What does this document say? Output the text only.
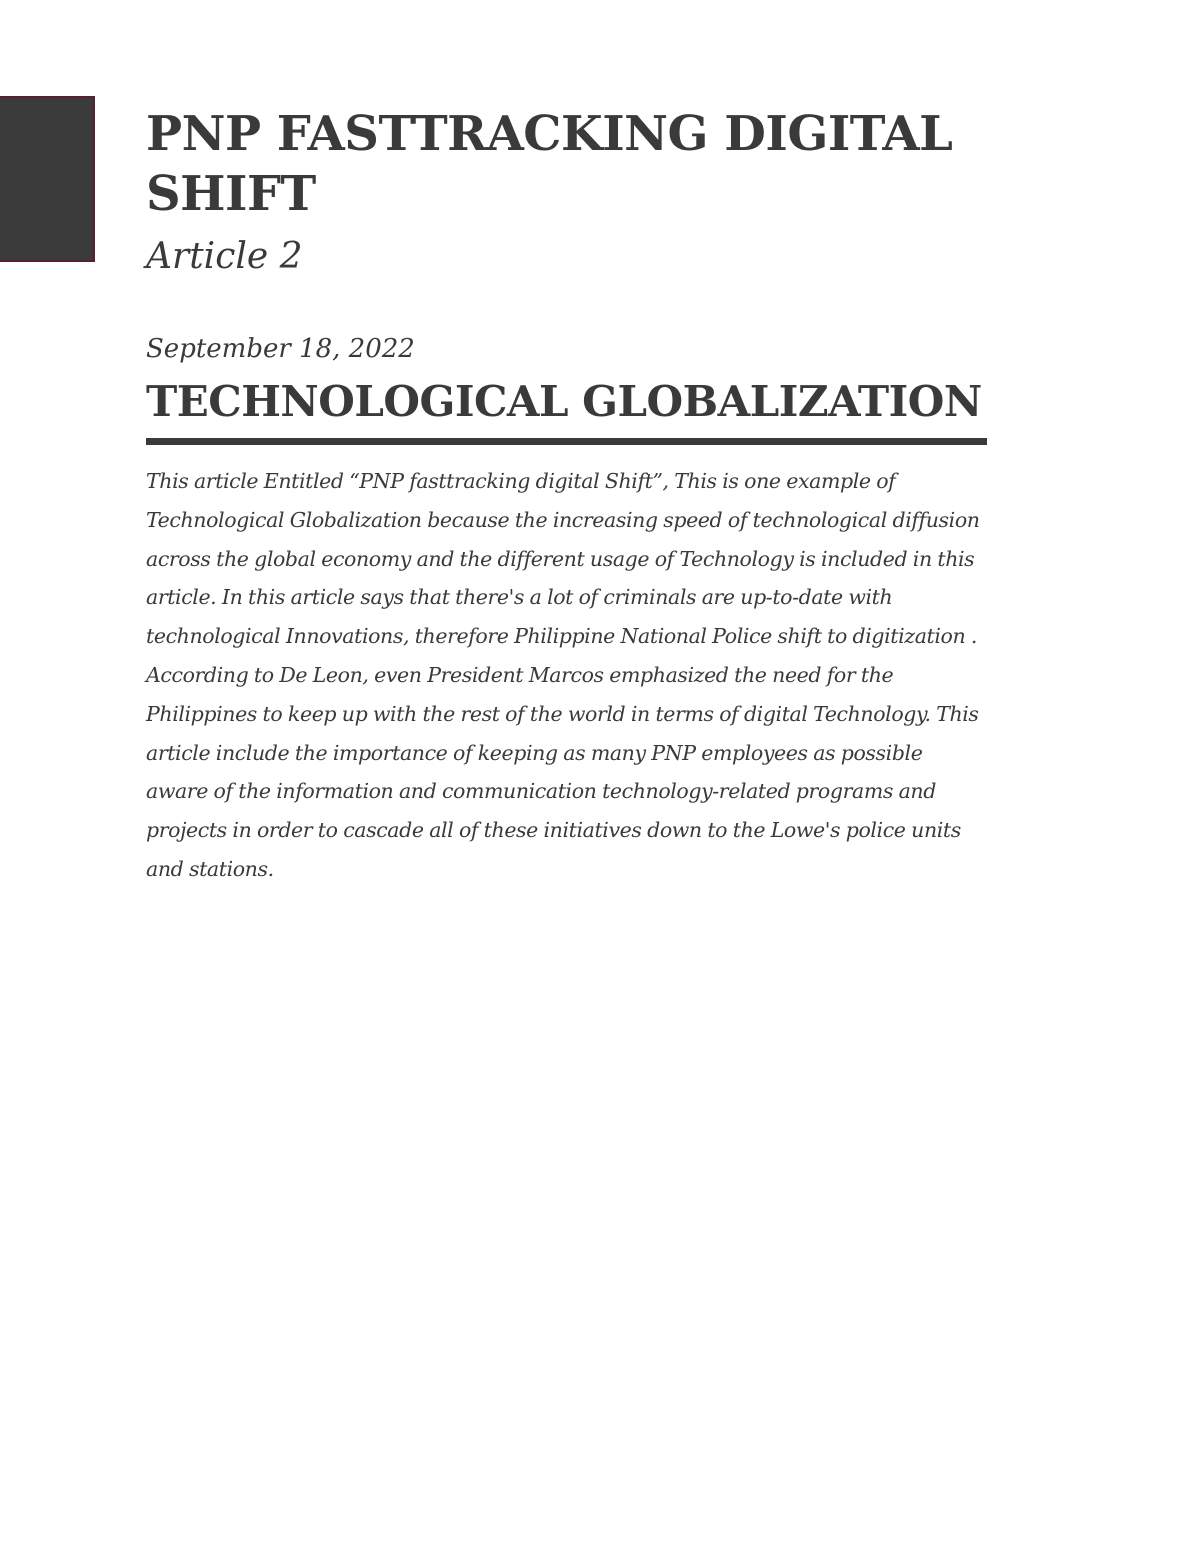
PNP FASTTRACKING DIGITAL SHIFT

Article 2

September 18, 2022

TECHNOLOGICAL GLOBALIZATION

This article Entitled “PNP fasttracking digital Shift”, This is one example of Technological Globalization because the increasing speed of technological diffusion across the global economy and the different usage of Technology is included in this article. In this article says that there's a lot of criminals are up-to-date with technological Innovations, therefore Philippine National Police shift to digitization . According to De Leon, even President Marcos emphasized the need for the Philippines to keep up with the rest of the world in terms of digital Technology. This article include the importance of keeping as many PNP employees as possible aware of the information and communication technology-related programs and projects in order to cascade all of these initiatives down to the Lowe's police units and stations.
